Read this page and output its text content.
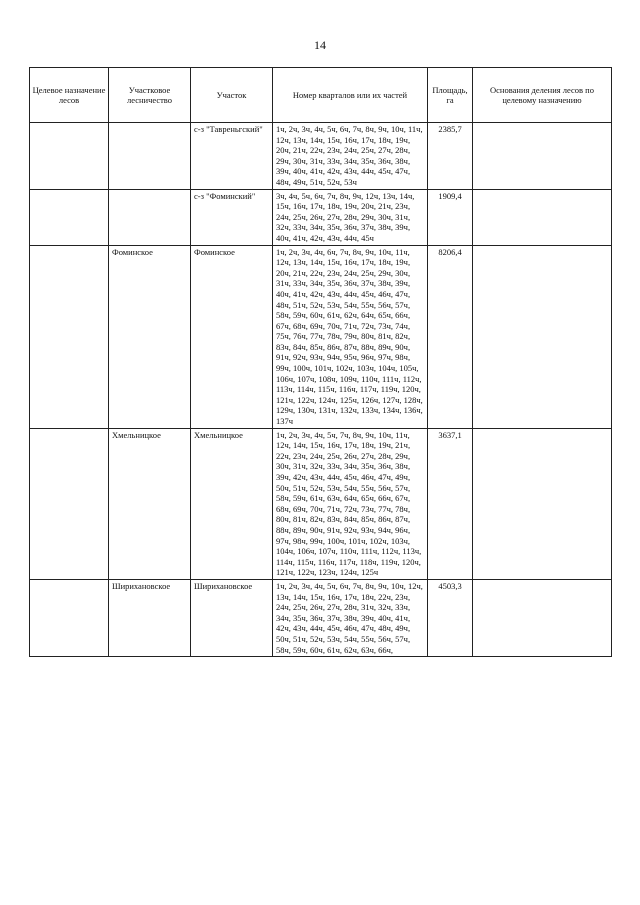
14
Целевое назначение лесов	Участковое лесничество	Участок	Номер кварталов или их частей	Площадь, га	Основания деления лесов по целевому назначению
		с-з "Тавреньгский"	1ч, 2ч, 3ч, 4ч, 5ч, 6ч, 7ч, 8ч, 9ч, 10ч, 11ч, 12ч, 13ч, 14ч, 15ч, 16ч, 17ч, 18ч, 19ч, 20ч, 21ч, 22ч, 23ч, 24ч, 25ч, 27ч, 28ч, 29ч, 30ч, 31ч, 33ч, 34ч, 35ч, 36ч, 38ч, 39ч, 40ч, 41ч, 42ч, 43ч, 44ч, 45ч, 47ч, 48ч, 49ч, 51ч, 52ч, 53ч	2385,7	
		с-з "Фоминский"	3ч, 4ч, 5ч, 6ч, 7ч, 8ч, 9ч, 12ч, 13ч, 14ч, 15ч, 16ч, 17ч, 18ч, 19ч, 20ч, 21ч, 23ч, 24ч, 25ч, 26ч, 27ч, 28ч, 29ч, 30ч, 31ч, 32ч, 33ч, 34ч, 35ч, 36ч, 37ч, 38ч, 39ч, 40ч, 41ч, 42ч, 43ч, 44ч, 45ч	1909,4	
	Фоминское	Фоминское	1ч, 2ч, 3ч, 4ч, 6ч, 7ч, 8ч, 9ч, 10ч, 11ч, 12ч, 13ч, 14ч, 15ч, 16ч, 17ч, 18ч, 19ч, 20ч, 21ч, 22ч, 23ч, 24ч, 25ч, 29ч, 30ч, 31ч, 33ч, 34ч, 35ч, 36ч, 37ч, 38ч, 39ч, 40ч, 41ч, 42ч, 43ч, 44ч, 45ч, 46ч, 47ч, 48ч, 51ч, 52ч, 53ч, 54ч, 55ч, 56ч, 57ч, 58ч, 59ч, 60ч, 61ч, 62ч, 64ч, 65ч, 66ч, 67ч, 68ч, 69ч, 70ч, 71ч, 72ч, 73ч, 74ч, 75ч, 76ч, 77ч, 78ч, 79ч, 80ч, 81ч, 82ч, 83ч, 84ч, 85ч, 86ч, 87ч, 88ч, 89ч, 90ч, 91ч, 92ч, 93ч, 94ч, 95ч, 96ч, 97ч, 98ч, 99ч, 100ч, 101ч, 102ч, 103ч, 104ч, 105ч, 106ч, 107ч, 108ч, 109ч, 110ч, 111ч, 112ч, 113ч, 114ч, 115ч, 116ч, 117ч, 119ч, 120ч, 121ч, 122ч, 124ч, 125ч, 126ч, 127ч, 128ч, 129ч, 130ч, 131ч, 132ч, 133ч, 134ч, 136ч, 137ч	8206,4	
	Хмельницкое	Хмельницкое	1ч, 2ч, 3ч, 4ч, 5ч, 7ч, 8ч, 9ч, 10ч, 11ч, 12ч, 14ч, 15ч, 16ч, 17ч, 18ч, 19ч, 21ч, 22ч, 23ч, 24ч, 25ч, 26ч, 27ч, 28ч, 29ч, 30ч, 31ч, 32ч, 33ч, 34ч, 35ч, 36ч, 38ч, 39ч, 42ч, 43ч, 44ч, 45ч, 46ч, 47ч, 49ч, 50ч, 51ч, 52ч, 53ч, 54ч, 55ч, 56ч, 57ч, 58ч, 59ч, 61ч, 63ч, 64ч, 65ч, 66ч, 67ч, 68ч, 69ч, 70ч, 71ч, 72ч, 73ч, 77ч, 78ч, 80ч, 81ч, 82ч, 83ч, 84ч, 85ч, 86ч, 87ч, 88ч, 89ч, 90ч, 91ч, 92ч, 93ч, 94ч, 96ч, 97ч, 98ч, 99ч, 100ч, 101ч, 102ч, 103ч, 104ч, 106ч, 107ч, 110ч, 111ч, 112ч, 113ч, 114ч, 115ч, 116ч, 117ч, 118ч, 119ч, 120ч, 121ч, 122ч, 123ч, 124ч, 125ч	3637,1	
	Шириханoвское	Шириханoвское	1ч, 2ч, 3ч, 4ч, 5ч, 6ч, 7ч, 8ч, 9ч, 10ч, 12ч, 13ч, 14ч, 15ч, 16ч, 17ч, 18ч, 22ч, 23ч, 24ч, 25ч, 26ч, 27ч, 28ч, 31ч, 32ч, 33ч, 34ч, 35ч, 36ч, 37ч, 38ч, 39ч, 40ч, 41ч, 42ч, 43ч, 44ч, 45ч, 46ч, 47ч, 48ч, 49ч, 50ч, 51ч, 52ч, 53ч, 54ч, 55ч, 56ч, 57ч, 58ч, 59ч, 60ч, 61ч, 62ч, 63ч, 66ч,	4503,3	
